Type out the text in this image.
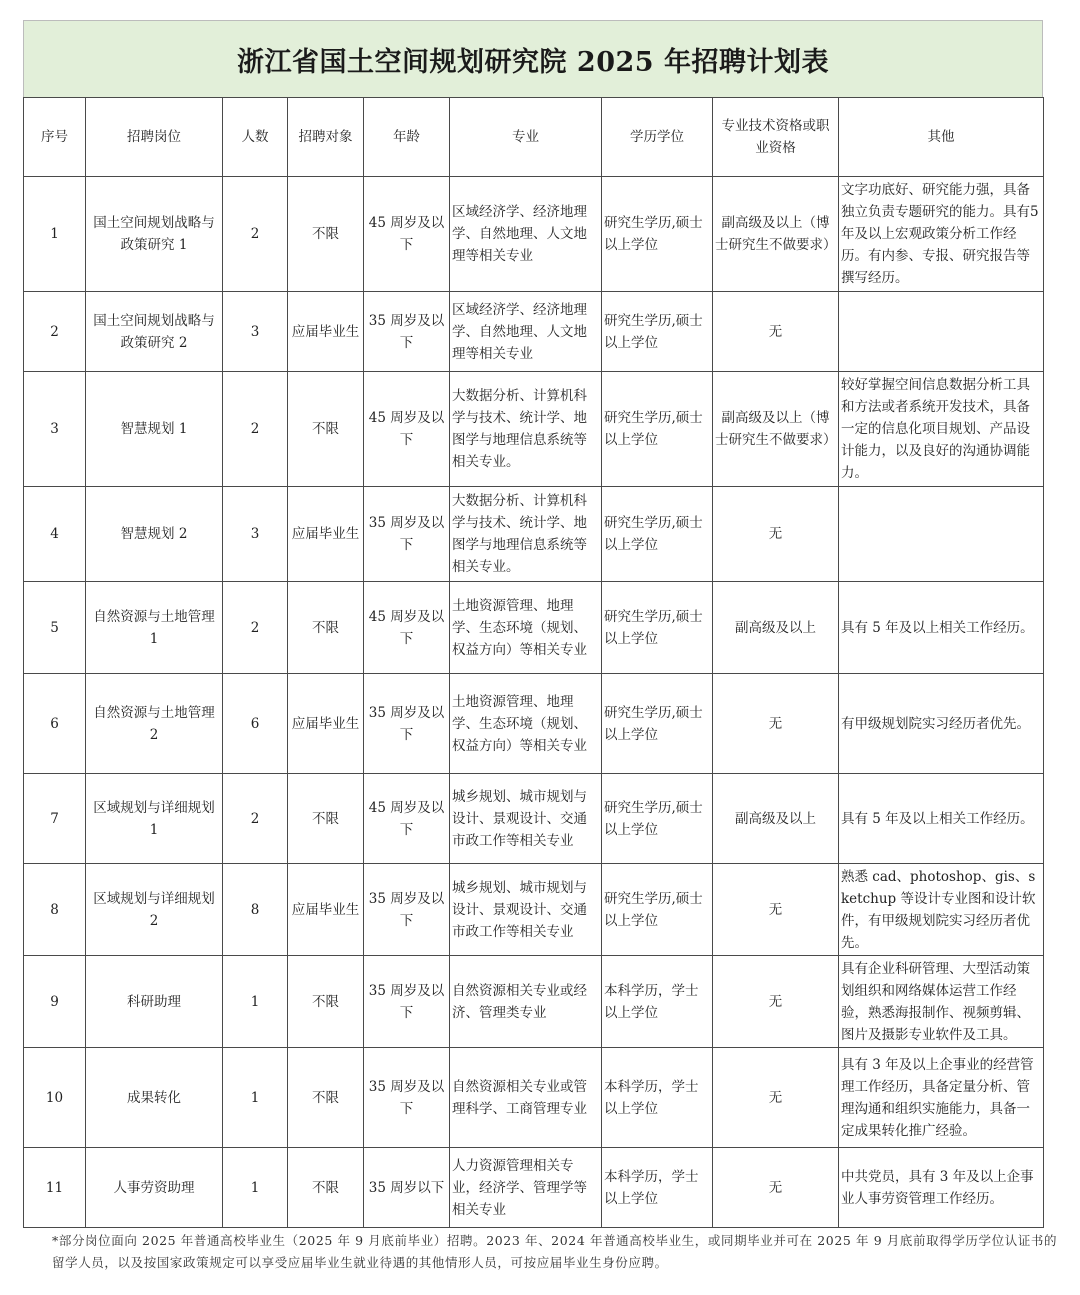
浙江省国土空间规划研究院 2025 年招聘计划表
序号	招聘岗位	人数	招聘对象	年龄	专业	学历学位	专业技术资格或职业资格	其他
1	国土空间规划战略与政策研究 1	2	不限	45 周岁及以下	区域经济学、经济地理学、自然地理、人文地理等相关专业	研究生学历,硕士以上学位	副高级及以上（博士研究生不做要求）	文字功底好、研究能力强，具备独立负责专题研究的能力。具有5 年及以上宏观政策分析工作经历。有内参、专报、研究报告等撰写经历。
2	国土空间规划战略与政策研究 2	3	应届毕业生	35 周岁及以下	区域经济学、经济地理学、自然地理、人文地理等相关专业	研究生学历,硕士以上学位	无	
3	智慧规划 1	2	不限	45 周岁及以下	大数据分析、计算机科学与技术、统计学、地图学与地理信息系统等相关专业。	研究生学历,硕士以上学位	副高级及以上（博士研究生不做要求）	较好掌握空间信息数据分析工具和方法或者系统开发技术，具备一定的信息化项目规划、产品设计能力，以及良好的沟通协调能力。
4	智慧规划 2	3	应届毕业生	35 周岁及以下	大数据分析、计算机科学与技术、统计学、地图学与地理信息系统等相关专业。	研究生学历,硕士以上学位	无	
5	自然资源与土地管理 1	2	不限	45 周岁及以下	土地资源管理、地理学、生态环境（规划、权益方向）等相关专业	研究生学历,硕士以上学位	副高级及以上	具有 5 年及以上相关工作经历。
6	自然资源与土地管理 2	6	应届毕业生	35 周岁及以下	土地资源管理、地理学、生态环境（规划、权益方向）等相关专业	研究生学历,硕士以上学位	无	有甲级规划院实习经历者优先。
7	区域规划与详细规划 1	2	不限	45 周岁及以下	城乡规划、城市规划与设计、景观设计、交通市政工作等相关专业	研究生学历,硕士以上学位	副高级及以上	具有 5 年及以上相关工作经历。
8	区域规划与详细规划 2	8	应届毕业生	35 周岁及以下	城乡规划、城市规划与设计、景观设计、交通市政工作等相关专业	研究生学历,硕士以上学位	无	熟悉 cad、photoshop、gis、sketchup 等设计专业图和设计软件，有甲级规划院实习经历者优先。
9	科研助理	1	不限	35 周岁及以下	自然资源相关专业或经济、管理类专业	本科学历，学士以上学位	无	具有企业科研管理、大型活动策划组织和网络媒体运营工作经验，熟悉海报制作、视频剪辑、图片及摄影专业软件及工具。
10	成果转化	1	不限	35 周岁及以下	自然资源相关专业或管理科学、工商管理专业	本科学历，学士以上学位	无	具有 3 年及以上企事业的经营管理工作经历，具备定量分析、管理沟通和组织实施能力，具备一定成果转化推广经验。
11	人事劳资助理	1	不限	35 周岁以下	人力资源管理相关专业，经济学、管理学等相关专业	本科学历，学士以上学位	无	中共党员，具有 3 年及以上企事业人事劳资管理工作经历。
*部分岗位面向 2025 年普通高校毕业生（2025 年 9 月底前毕业）招聘。2023 年、2024 年普通高校毕业生，或同期毕业并可在 2025 年 9 月底前取得学历学位认证书的留学人员，以及按国家政策规定可以享受应届毕业生就业待遇的其他情形人员，可按应届毕业生身份应聘。
